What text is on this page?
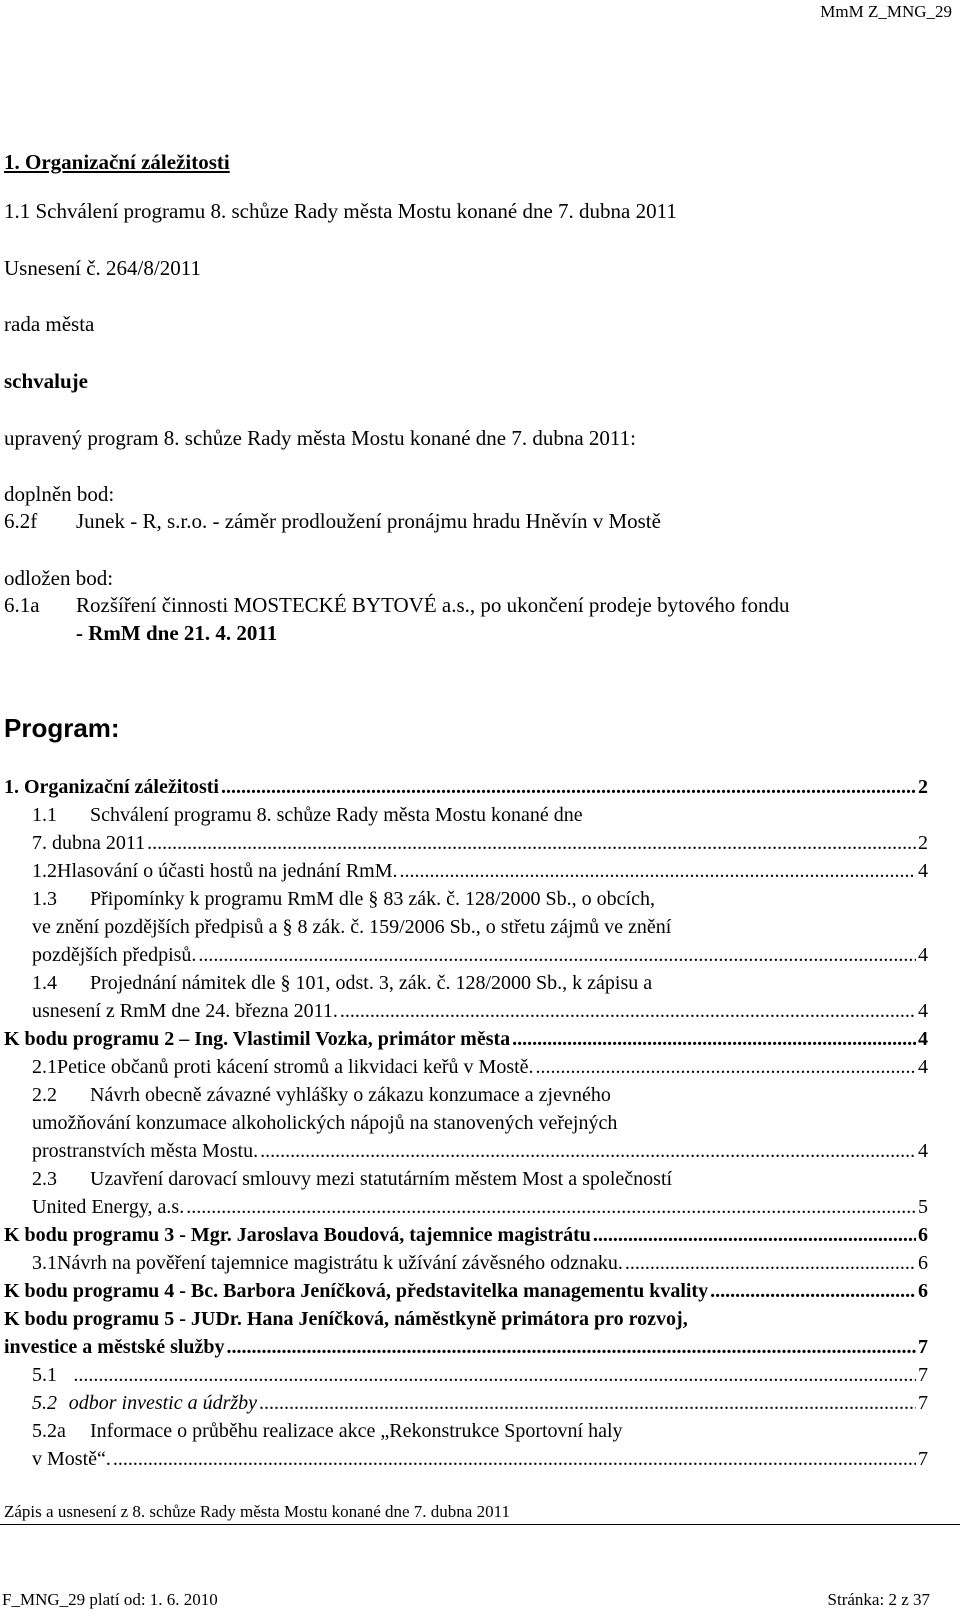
MmM Z_MNG_29
1. Organizační záležitosti
1.1 Schválení programu 8. schůze Rady města Mostu konané dne 7. dubna 2011
Usnesení č. 264/8/2011
rada města
schvaluje
upravený program 8. schůze Rady města Mostu konané dne 7. dubna 2011:
doplněn bod:
6.2f Junek - R, s.r.o. - záměr prodloužení pronájmu hradu Hněvín v Mostě
odložen bod:
6.1a Rozšíření činnosti MOSTECKÉ BYTOVÉ a.s., po ukončení prodeje bytového fondu
- RmM dne 21. 4. 2011
Program:
1. Organizační záležitosti .....	2
1.1	Schválení programu 8. schůze Rady města Mostu konané dne
7. dubna 2011 .....	2
1.2 Hlasování o účasti hostů na jednání RmM. .....	4
1.3	Připomínky k programu RmM dle § 83 zák. č. 128/2000 Sb., o obcích,
ve znění pozdějších předpisů a § 8 zák. č. 159/2006 Sb., o střetu zájmů ve znění
pozdějších předpisů. .....	4
1.4	Projednání námitek dle § 101, odst. 3, zák. č. 128/2000 Sb., k zápisu a
usnesení z RmM dne 24. března 2011. .....	4
K bodu programu 2 – Ing. Vlastimil Vozka, primátor města .....	4
2.1 Petice občanů proti kácení stromů a likvidaci keřů v Mostě. .....	4
2.2	Návrh obecně závazné vyhlášky o zákazu konzumace a zjevného
umožňování konzumace alkoholických nápojů na stanovených veřejných
prostranstvích města Mostu. .....	4
2.3	Uzavření darovací smlouvy mezi statutárním městem Most a společností
United Energy, a.s. .....	5
K bodu programu 3 - Mgr. Jaroslava Boudová, tajemnice magistrátu .....	6
3.1 Návrh na pověření tajemnice magistrátu k užívání závěsného odznaku. .....	6
K bodu programu 4 - Bc. Barbora Jeníčková, představitelka managementu kvality .....	6
K bodu programu 5 - JUDr. Hana Jeníčková, náměstkyně primátora pro rozvoj,
investice a městské služby .....	7
5.1 .....	7
5.2 odbor investic a údržby .....	7
5.2a	Informace o průběhu realizace akce „Rekonstrukce Sportovní haly
v Mostě“. .....	7
Zápis a usnesení z 8. schůze Rady města Mostu konané dne 7. dubna 2011
F_MNG_29 platí od: 1. 6. 2010	Stránka: 2 z 37
